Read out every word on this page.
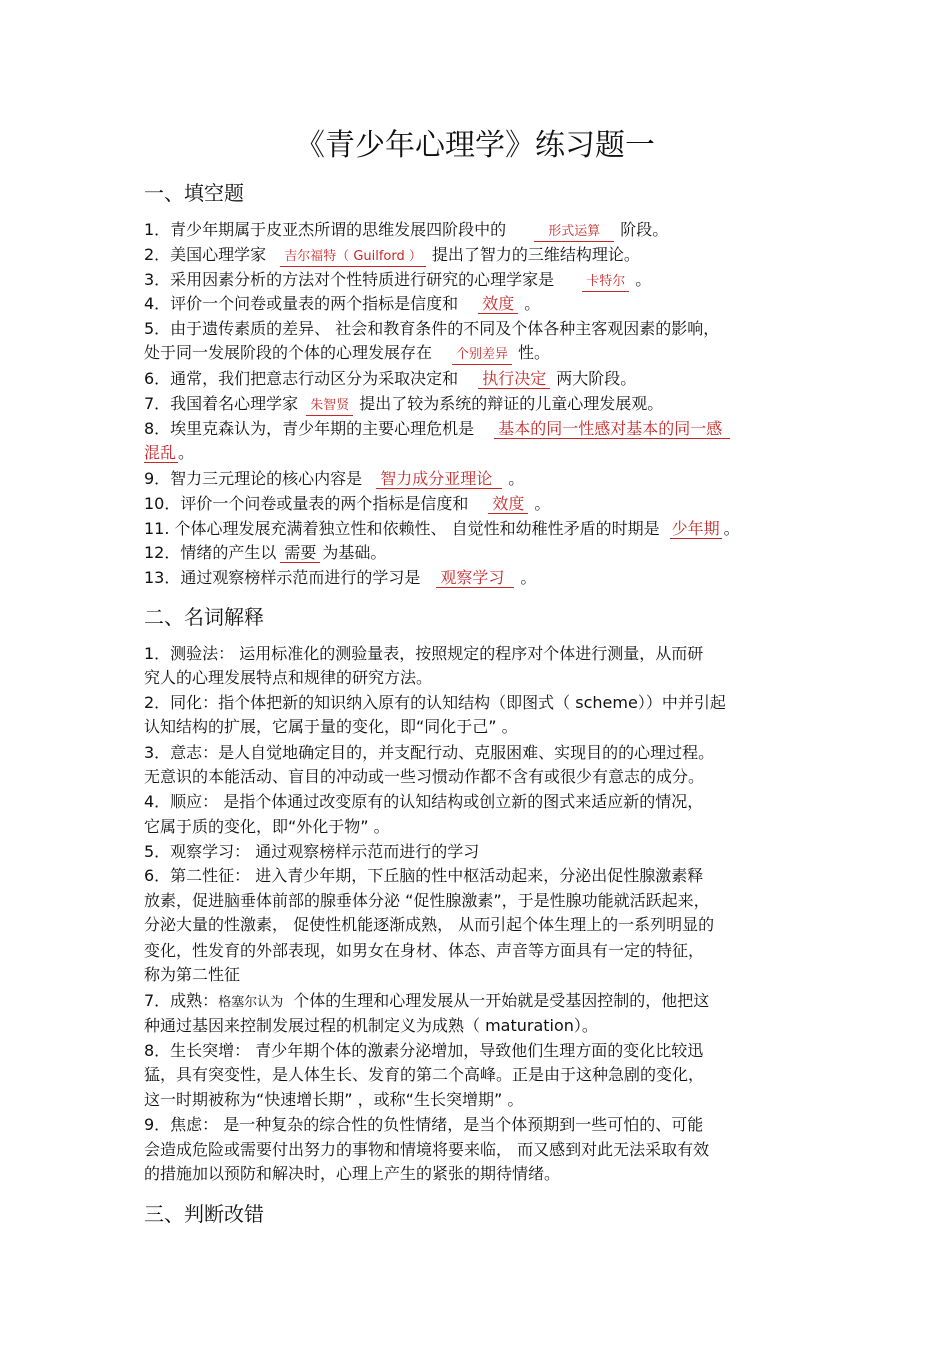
《青少年心理学》练习题一
一、填空题
1．青少年期属于皮亚杰所谓的思维发展四阶段中的	形式运算 阶段。
2．美国心理学家 吉尔福特（ Guilford ） 提出了智力的三维结构理论。
3．采用因素分析的方法对个性特质进行研究的心理学家是 卡特尔 。
4．评价一个问卷或量表的两个指标是信度和 效度 。
5．由于遗传素质的差异、 社会和教育条件的不同及个体各种主客观因素的影响，
处于同一发展阶段的个体的心理发展存在 个别差异 性。
6．通常，我们把意志行动区分为采取决定和 执行决定 两大阶段。
7．我国着名心理学家 朱智贤 提出了较为系统的辩证的儿童心理发展观。
8．埃里克森认为，青少年期的主要心理危机是 基本的同一性感对基本的同一感
混乱 。
9．智力三元理论的核心内容是 智力成分亚理论 。
10．评价一个问卷或量表的两个指标是信度和 效度 。
11. 个体心理发展充满着独立性和依赖性、 自觉性和幼稚性矛盾的时期是 少年期 。
12．情绪的产生以 需要 为基础。
13．通过观察榜样示范而进行的学习是 观察学习 。
二、名词解释
1．测验法： 运用标准化的测验量表，按照规定的程序对个体进行测量，从而研
究人的心理发展特点和规律的研究方法。
2．同化：指个体把新的知识纳入原有的认知结构（即图式（ scheme））中并引起
认知结构的扩展，它属于量的变化，即“同化于己” 。
3．意志：是人自觉地确定目的，并支配行动、克服困难、实现目的的心理过程。
无意识的本能活动、盲目的冲动或一些习惯动作都不含有或很少有意志的成分。
4．顺应： 是指个体通过改变原有的认知结构或创立新的图式来适应新的情况，
它属于质的变化，即“外化于物” 。
5．观察学习： 通过观察榜样示范而进行的学习
6．第二性征： 进入青少年期，下丘脑的性中枢活动起来，分泌出促性腺激素释
放素，促进脑垂体前部的腺垂体分泌 “促性腺激素”，于是性腺功能就活跃起来，
分泌大量的性激素， 促使性机能逐渐成熟， 从而引起个体生理上的一系列明显的
变化，性发育的外部表现，如男女在身材、体态、声音等方面具有一定的特征，
称为第二性征
7．成熟：格塞尔认为 个体的生理和心理发展从一开始就是受基因控制的，他把这
种通过基因来控制发展过程的机制定义为成熟（ maturation）。
8．生长突增： 青少年期个体的激素分泌增加，导致他们生理方面的变化比较迅
猛，具有突变性，是人体生长、发育的第二个高峰。正是由于这种急剧的变化，
这一时期被称为“快速增长期” ，或称“生长突增期” 。
9．焦虑： 是一种复杂的综合性的负性情绪，是当个体预期到一些可怕的、可能
会造成危险或需要付出努力的事物和情境将要来临， 而又感到对此无法采取有效
的措施加以预防和解决时，心理上产生的紧张的期待情绪。
三、判断改错
